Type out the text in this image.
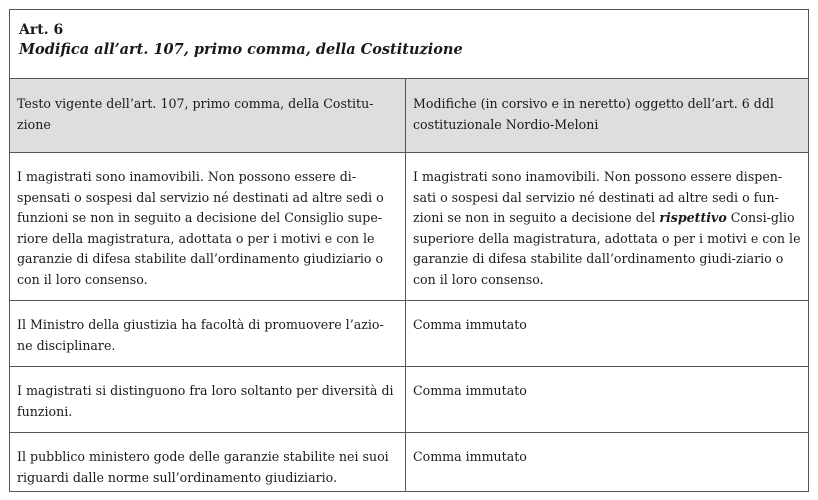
Art. 6
Modifica all’art. 107, primo comma, della Costituzione
Testo vigente dell’art. 107, primo comma, della Costitu-zione
Modifiche (in corsivo e in neretto) oggetto dell’art. 6 ddl costituzionale Nordio-Meloni
I magistrati sono inamovibili. Non possono essere di-spensati o sospesi dal servizio né destinati ad altre sedi o funzioni se non in seguito a decisione del Consiglio supe-riore della magistratura, adottata o per i motivi e con le garanzie di difesa stabilite dall’ordinamento giudiziario o con il loro consenso.
I magistrati sono inamovibili. Non possono essere dispen-sati o sospesi dal servizio né destinati ad altre sedi o fun-zioni se non in seguito a decisione del rispettivo Consi-glio superiore della magistratura, adottata o per i motivi e con le garanzie di difesa stabilite dall’ordinamento giudi-ziario o con il loro consenso.
Il Ministro della giustizia ha facoltà di promuovere l’azio-ne disciplinare.
Comma immutato
I magistrati si distinguono fra loro soltanto per diversità di funzioni.
Comma immutato
Il pubblico ministero gode delle garanzie stabilite nei suoi riguardi dalle norme sull’ordinamento giudiziario.
Comma immutato
